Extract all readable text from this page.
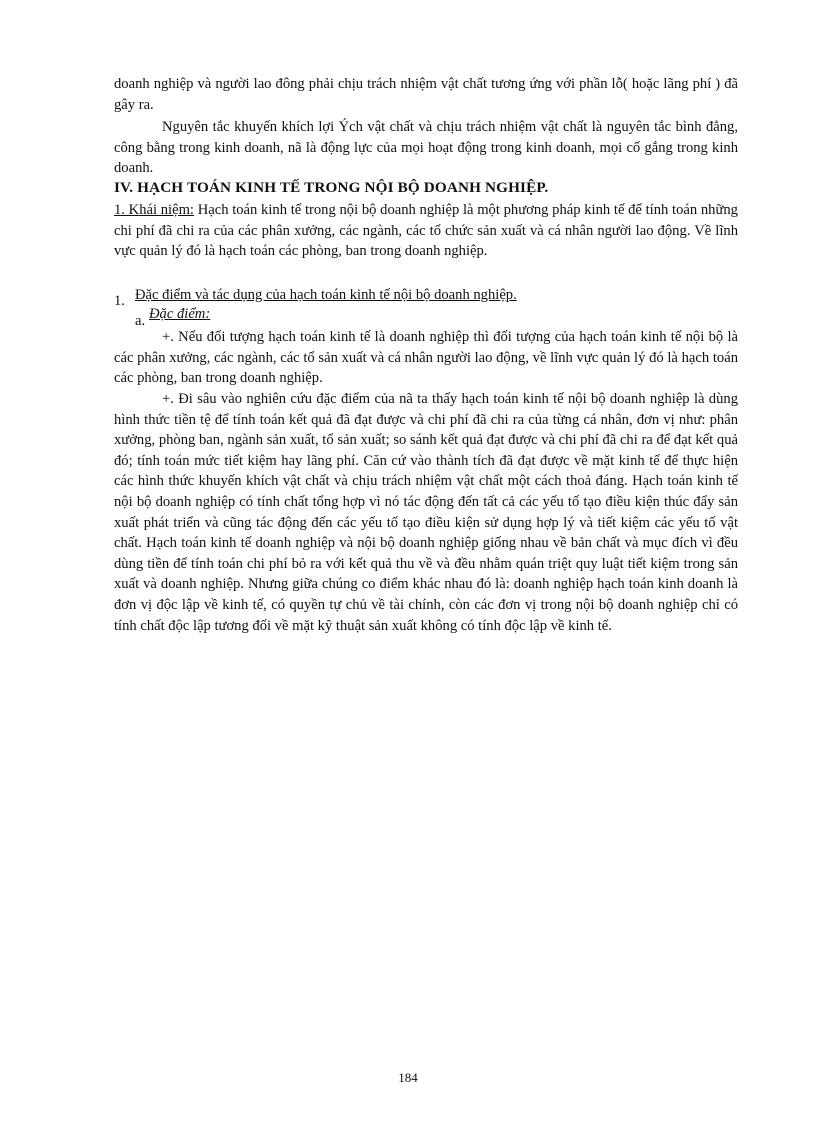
doanh nghiệp và người lao đông phải chịu trách nhiệm vật chất tương ứng với phần lỗ( hoặc lãng phí ) đã gây ra.

Nguyên tắc khuyến khích lợi Ých vật chất và chịu trách nhiệm vật chất là nguyên tắc bình đẳng, công bằng trong kinh doanh, nã là động lực của mọi hoạt động trong kinh doanh, mọi cố gắng trong kinh doanh.

IV. HẠCH TOÁN KINH TẾ TRONG NỘI BỘ DOANH NGHIỆP.

1. Khái niệm: Hạch toán kinh tế trong nội bộ doanh nghiệp là một phương pháp kinh tế để tính toán những chi phí đã chi ra của các phân xưởng, các ngành, các tổ chức sản xuất và cá nhân người lao động. Về lĩnh vực quản lý đó là hạch toán các phòng, ban trong doanh nghiệp.

1. Đặc điểm và tác dụng của hạch toán kinh tế nội bộ doanh nghiệp.
a. Đặc điểm:

+. Nếu đối tượng hạch toán kinh tế là doanh nghiệp thì đối tượng của hạch toán kinh tế nội bộ là các phân xưởng, các ngành, các tổ sản xuất và cá nhân người lao động, về lĩnh vực quản lý đó là hạch toán các phòng, ban trong doanh nghiệp.

+. Đi sâu vào nghiên cứu đặc điểm của nã ta thấy hạch toán kinh tế nội bộ doanh nghiệp là dùng hình thức tiền tệ để tính toán kết quả đã đạt được và chi phí đã chi ra của từng cá nhân, đơn vị như: phân xưởng, phòng ban, ngành sản xuất, tổ sản xuất; so sánh kết quả đạt được và chi phí đã chi ra để đạt kết quả đó; tính toán mức tiết kiệm hay lãng phí. Căn cứ vào thành tích đã đạt được về mặt kinh tế để thực hiện các hình thức khuyến khích vật chất và chịu trách nhiệm vật chất một cách thoả đáng. Hạch toán kinh tế nội bộ doanh nghiệp có tính chất tổng hợp vì nó tác động đến tất cả các yếu tố tạo điều kiện thúc đẩy sản xuất phát triển và cũng tác động đến các yếu tố tạo điều kiện sử dụng hợp lý và tiết kiệm các yếu tố vật chất. Hạch toán kinh tế doanh nghiệp và nội bộ doanh nghiệp giống nhau về bản chất và mục đích vì đều dùng tiền để tính toán chi phí bỏ ra với kết quả thu về và đều nhằm quán triệt quy luật tiết kiệm trong sản xuất và doanh nghiệp. Nhưng giữa chúng co điểm khác nhau đó là: doanh nghiệp hạch toán kinh doanh là đơn vị độc lập về kinh tế, có quyền tự chủ về tài chính, còn các đơn vị trong nội bộ doanh nghiệp chỉ có tính chất độc lập tương đối về mặt kỹ thuật sản xuất không có tính độc lập về kinh tế.

184
